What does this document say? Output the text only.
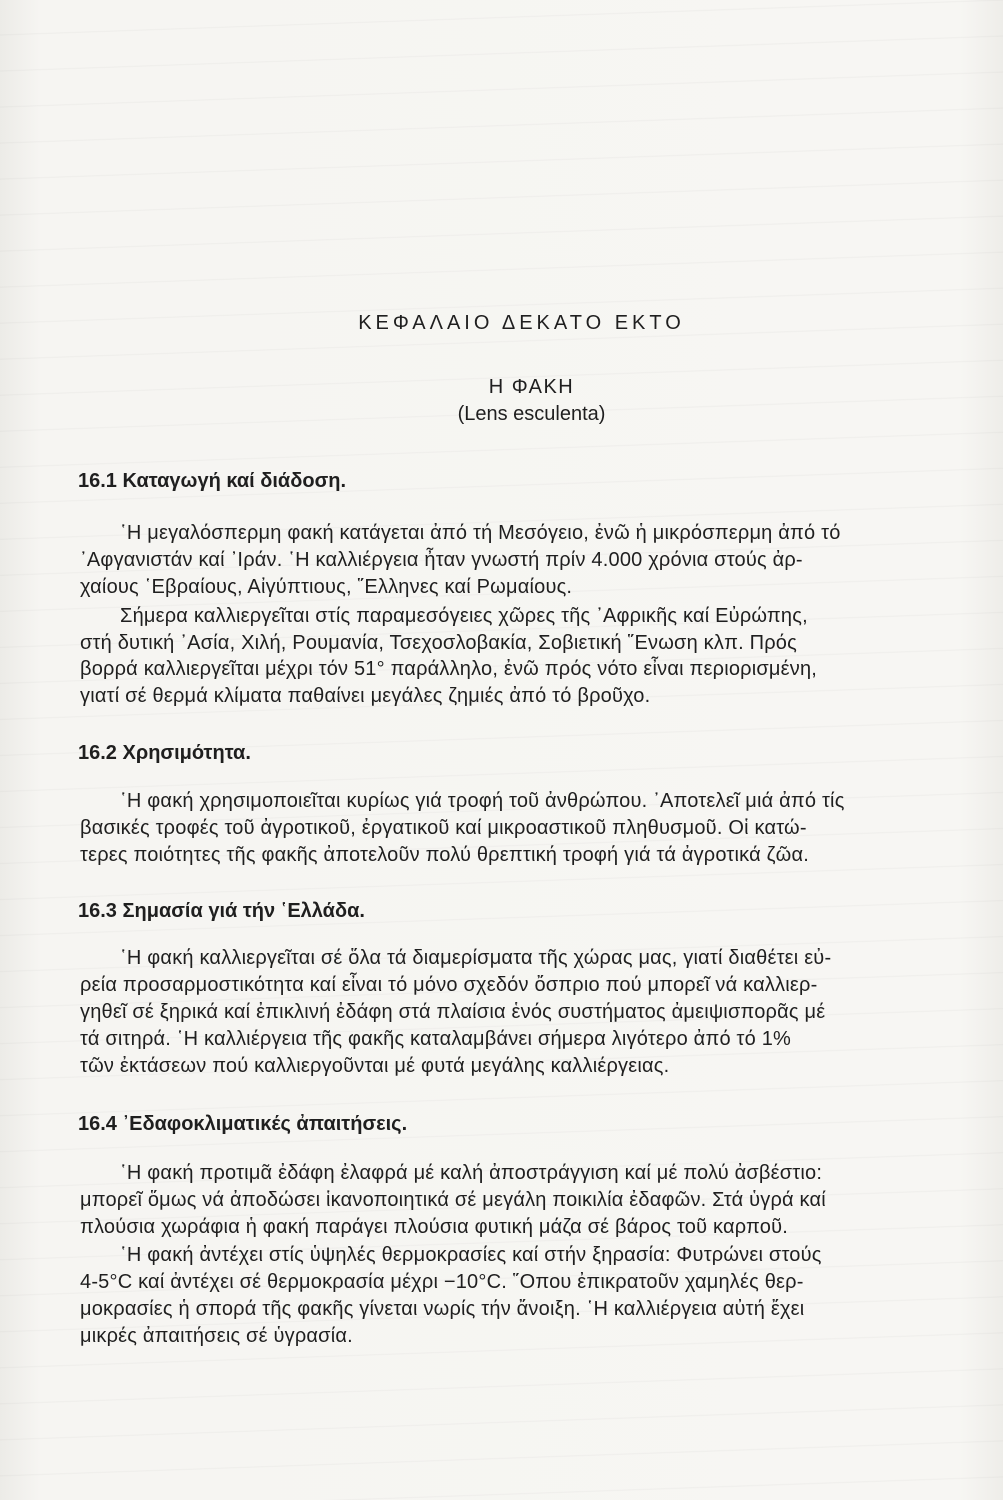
ΚΕΦΑΛΑΙΟ ΔΕΚΑΤΟ ΕΚΤΟ
Η ΦΑΚΗ
(Lens esculenta)
16.1 Καταγωγή καί διάδοση.
῾Η μεγαλόσπερμη φακή κατάγεται ἀπό τή Μεσόγειο, ἐνῶ ἡ μικρόσπερμη ἀπό τό
᾿Αφγανιστάν καί ᾿Ιράν. ῾Η καλλιέργεια ἦταν γνωστή πρίν 4.000 χρόνια στούς ἀρ-
χαίους ῾Εβραίους, Αἰγύπτιους, ῞Ελληνες καί Ρωμαίους.
Σήμερα καλλιεργεῖται στίς παραμεσόγειες χῶρες τῆς ᾿Αφρικῆς καί Εὐρώπης,
στή δυτική ᾿Ασία, Χιλή, Ρουμανία, Τσεχοσλοβακία, Σοβιετική ῞Ενωση κλπ. Πρός
βορρά καλλιεργεῖται μέχρι τόν 51° παράλληλο, ἐνῶ πρός νότο εἶναι περιορισμένη,
γιατί σέ θερμά κλίματα παθαίνει μεγάλες ζημιές ἀπό τό βροῦχο.
16.2 Χρησιμότητα.
῾Η φακή χρησιμοποιεῖται κυρίως γιά τροφή τοῦ ἀνθρώπου. ᾿Αποτελεῖ μιά ἀπό τίς
βασικές τροφές τοῦ ἀγροτικοῦ, ἐργατικοῦ καί μικροαστικοῦ πληθυσμοῦ. Οἱ κατώ-
τερες ποιότητες τῆς φακῆς ἀποτελοῦν πολύ θρεπτική τροφή γιά τά ἀγροτικά ζῶα.
16.3 Σημασία γιά τήν ῾Ελλάδα.
῾Η φακή καλλιεργεῖται σέ ὅλα τά διαμερίσματα τῆς χώρας μας, γιατί διαθέτει εὐ-
ρεία προσαρμοστικότητα καί εἶναι τό μόνο σχεδόν ὄσπριο πού μπορεῖ νά καλλιερ-
γηθεῖ σέ ξηρικά καί ἐπικλινή ἐδάφη στά πλαίσια ἑνός συστήματος ἀμειψισπορᾶς μέ
τά σιτηρά. ῾Η καλλιέργεια τῆς φακῆς καταλαμβάνει σήμερα λιγότερο ἀπό τό 1%
τῶν ἐκτάσεων πού καλλιεργοῦνται μέ φυτά μεγάλης καλλιέργειας.
16.4 ᾿Εδαφοκλιματικές ἀπαιτήσεις.
῾Η φακή προτιμᾶ ἐδάφη ἐλαφρά μέ καλή ἀποστράγγιση καί μέ πολύ ἀσβέστιο:
μπορεῖ ὅμως νά ἀποδώσει ἱκανοποιητικά σέ μεγάλη ποικιλία ἐδαφῶν. Στά ὑγρά καί
πλούσια χωράφια ἡ φακή παράγει πλούσια φυτική μάζα σέ βάρος τοῦ καρποῦ.
῾Η φακή ἀντέχει στίς ὑψηλές θερμοκρασίες καί στήν ξηρασία: Φυτρώνει στούς
4-5°C καί ἀντέχει σέ θερμοκρασία μέχρι −10°C. ῞Οπου ἐπικρατοῦν χαμηλές θερ-
μοκρασίες ἡ σπορά τῆς φακῆς γίνεται νωρίς τήν ἄνοιξη. ῾Η καλλιέργεια αὐτή ἔχει
μικρές ἀπαιτήσεις σέ ὑγρασία.
